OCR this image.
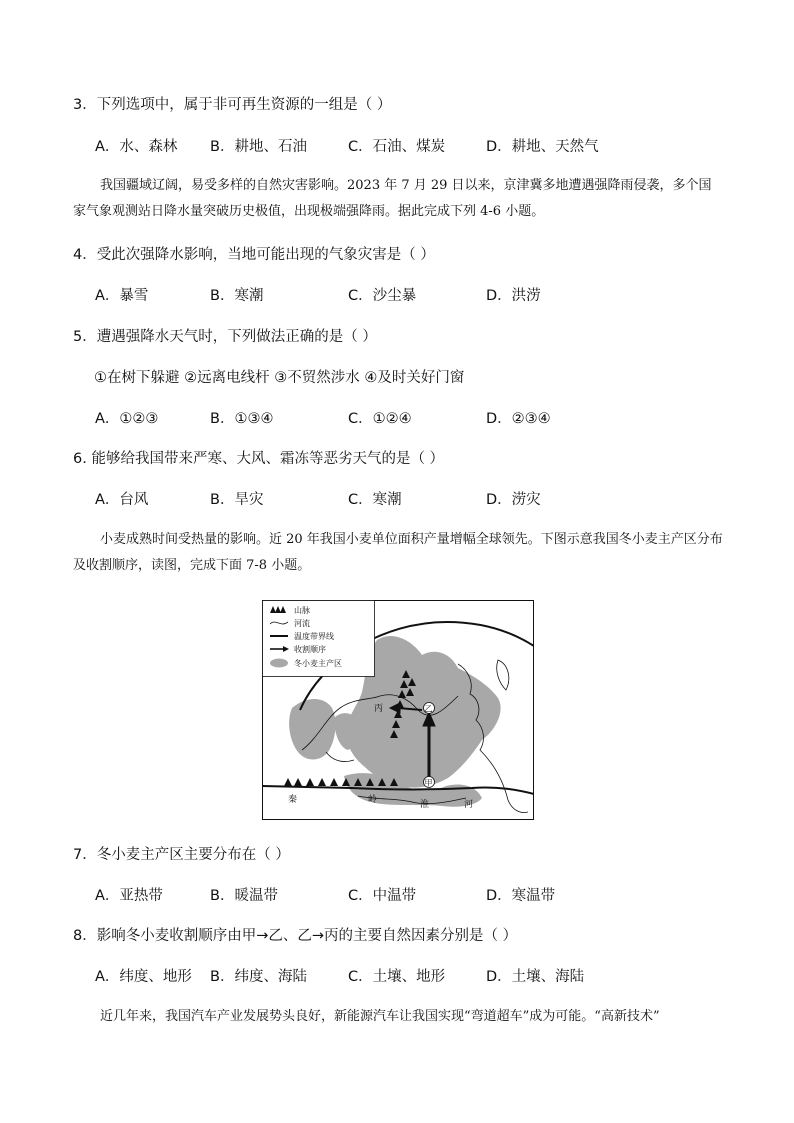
3．下列选项中，属于非可再生资源的一组是（ ）
A．水、森林 B．耕地、石油	C．石油、煤炭	D．耕地、天然气
我国疆域辽阔，易受多样的自然灾害影响。2023 年 7 月 29 日以来，京津冀多地遭遇强降雨侵袭，多个国家气象观测站日降水量突破历史极值，出现极端强降雨。据此完成下列 4-6 小题。
4．受此次强降水影响，当地可能出现的气象灾害是（ ）
A．暴雪	B．寒潮	C．沙尘暴	D．洪涝
5．遭遇强降水天气时，下列做法正确的是（ ）
①在树下躲避 ②远离电线杆 ③不贸然涉水 ④及时关好门窗
A．①②③	B．①③④	C．①②④	D．②③④
6. 能够给我国带来严寒、大风、霜冻等恶劣天气的是（ ）
A．台风	B．旱灾	C．寒潮	D．涝灾
小麦成熟时间受热量的影响。近 20 年我国小麦单位面积产量增幅全球领先。下图示意我国冬小麦主产区分布及收割顺序，读图，完成下面 7-8 小题。
丙	乙
甲
秦	岭	淮	河
山脉
河流
温度带界线
收割顺序
冬小麦主产区
7．冬小麦主产区主要分布在（ ）
A．亚热带	B．暖温带	C．中温带	D．寒温带
8．影响冬小麦收割顺序由甲→乙、乙→丙的主要自然因素分别是（ ）
A．纬度、地形 B．纬度、海陆	C．土壤、地形	D．土壤、海陆
近几年来，我国汽车产业发展势头良好，新能源汽车让我国实现“弯道超车”成为可能。“高新技术”
